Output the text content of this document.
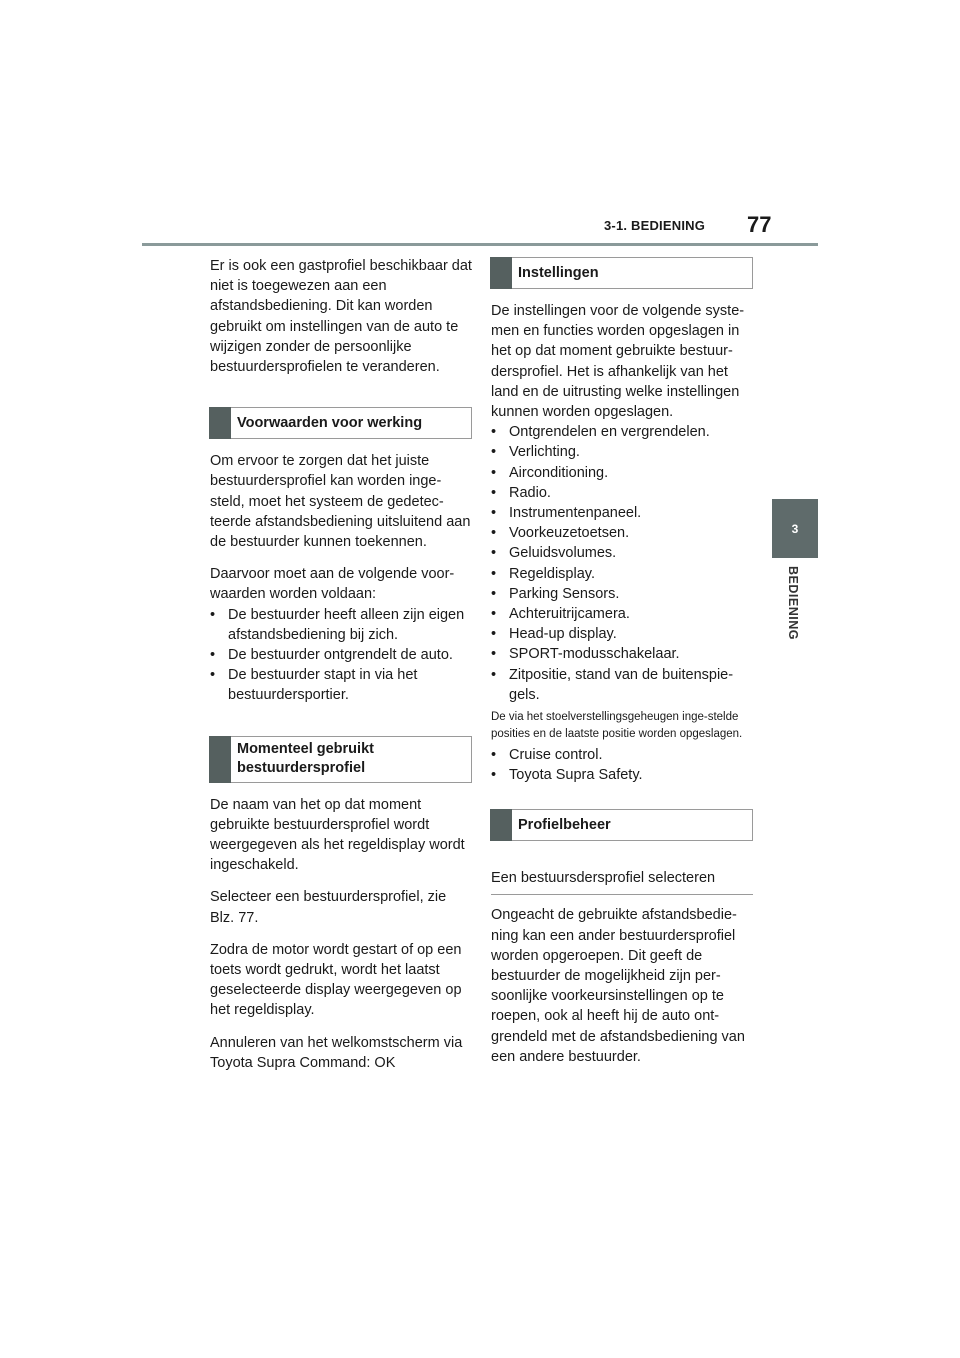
3-1. BEDIENING 77
3
BEDIENING

Er is ook een gastprofiel beschikbaar dat niet is toegewezen aan een afstandsbediening. Dit kan worden gebruikt om instellingen van de auto te wijzigen zonder de persoonlijke bestuurdersprofielen te veranderen.

Voorwaarden voor werking

Om ervoor te zorgen dat het juiste bestuurdersprofiel kan worden inge-steld, moet het systeem de gedetec-teerde afstandsbediening uitsluitend aan de bestuurder kunnen toekennen.

Daarvoor moet aan de volgende voor-waarden worden voldaan:

• De bestuurder heeft alleen zijn eigen afstandsbediening bij zich.
• De bestuurder ontgrendelt de auto.
• De bestuurder stapt in via het bestuurdersportier.
Momenteel gebruikt bestuurdersprofiel

De naam van het op dat moment gebruikte bestuurdersprofiel wordt weergegeven als het regeldisplay wordt ingeschakeld.

Selecteer een bestuurdersprofiel, zie Blz. 77.

Zodra de motor wordt gestart of op een toets wordt gedrukt, wordt het laatst geselecteerde display weergegeven op het regeldisplay.

Annuleren van het welkomstscherm via Toyota Supra Command: OK

Instellingen

De instellingen voor de volgende syste-men en functies worden opgeslagen in het op dat moment gebruikte bestuur-dersprofiel. Het is afhankelijk van het land en de uitrusting welke instellingen kunnen worden opgeslagen.

• Ontgrendelen en vergrendelen.
• Verlichting.
• Airconditioning.
• Radio.
• Instrumentenpaneel.
• Voorkeuzetoetsen.
• Geluidsvolumes.
• Regeldisplay.
• Parking Sensors.
• Achteruitrijcamera.
• Head-up display.
• SPORT-modusschakelaar.
• Zitpositie, stand van de buitenspie-gels.

De via het stoelverstellingsgeheugen inge-stelde posities en de laatste positie worden opgeslagen.

• Cruise control.
• Toyota Supra Safety.
Profielbeheer
Een bestuursdersprofiel selecteren

Ongeacht de gebruikte afstandsbedie-ning kan een ander bestuurdersprofiel worden opgeroepen. Dit geeft de bestuurder de mogelijkheid zijn per-soonlijke voorkeursinstellingen op te roepen, ook al heeft hij de auto ont-grendeld met de afstandsbediening van een andere bestuurder.
